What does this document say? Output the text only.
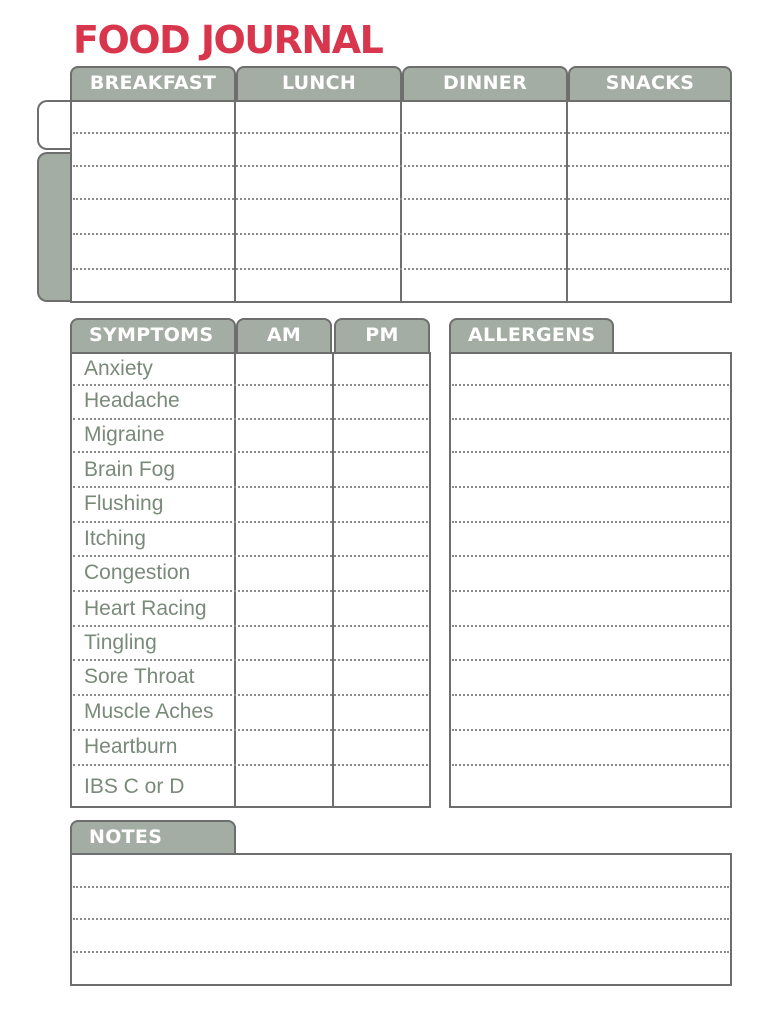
FOOD JOURNAL
BREAKFAST	LUNCH	DINNER	SNACKS
SYMPTOMS	AM	PM
Anxiety
Headache
Migraine
Brain Fog
Flushing
Itching
Congestion
Heart Racing
Tingling
Sore Throat
Muscle Aches
Heartburn
IBS C or D
ALLERGENS
NOTES
